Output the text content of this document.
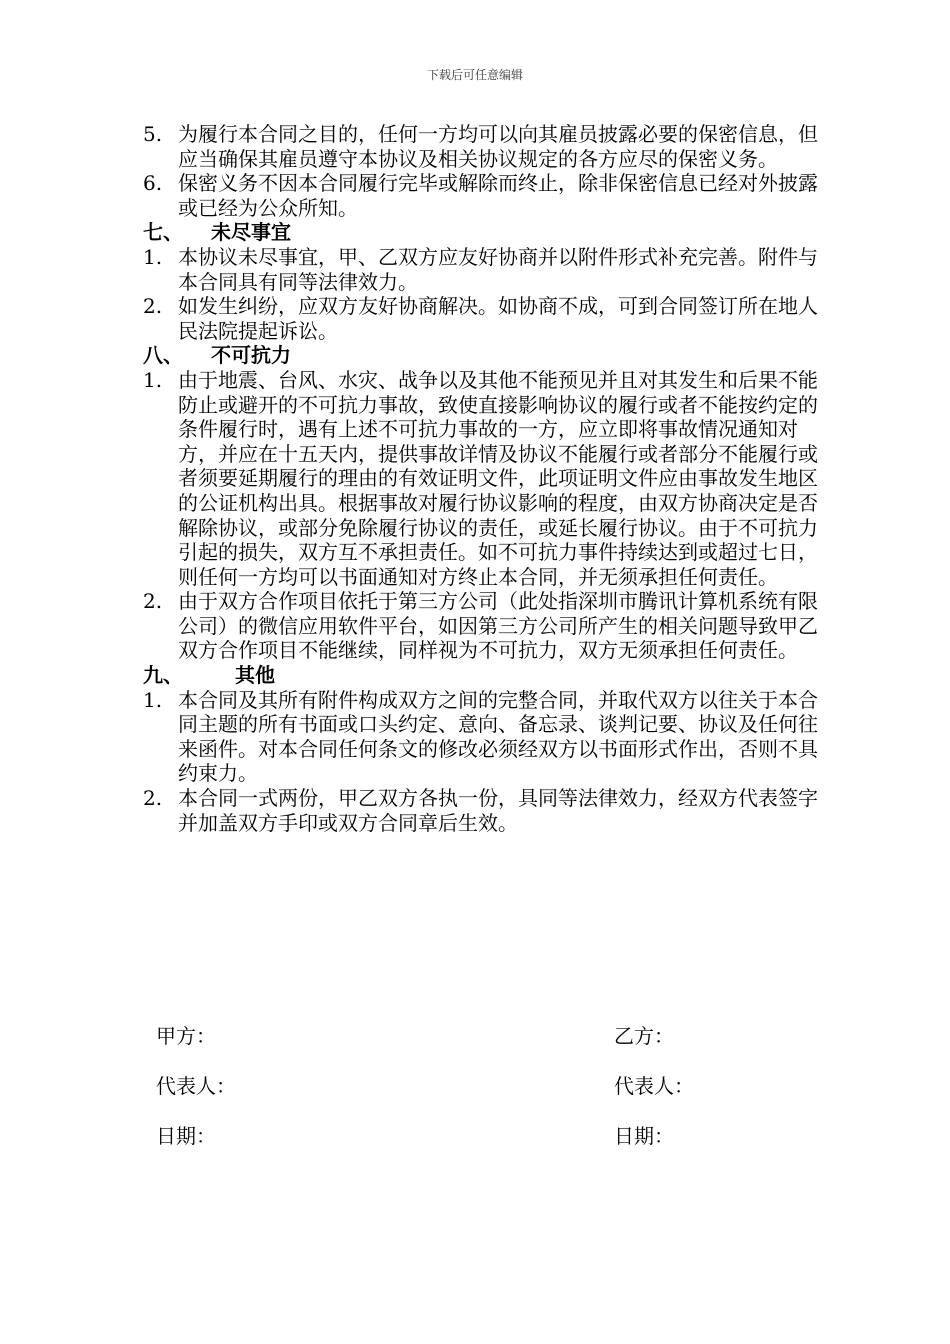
下载后可任意编辑
5. 为履行本合同之目的，任何一方均可以向其雇员披露必要的保密信息，但应当确保其雇员遵守本协议及相关协议规定的各方应尽的保密义务。
6. 保密义务不因本合同履行完毕或解除而终止，除非保密信息已经对外披露或已经为公众所知。
七、	未尽事宜
1. 本协议未尽事宜，甲、乙双方应友好协商并以附件形式补充完善。附件与本合同具有同等法律效力。
2. 如发生纠纷，应双方友好协商解决。如协商不成，可到合同签订所在地人民法院提起诉讼。
八、	不可抗力
1. 由于地震、台风、水灾、战争以及其他不能预见并且对其发生和后果不能防止或避开的不可抗力事故，致使直接影响协议的履行或者不能按约定的条件履行时，遇有上述不可抗力事故的一方，应立即将事故情况通知对方，并应在十五天内，提供事故详情及协议不能履行或者部分不能履行或者须要延期履行的理由的有效证明文件，此项证明文件应由事故发生地区的公证机构出具。根据事故对履行协议影响的程度，由双方协商决定是否解除协议，或部分免除履行协议的责任，或延长履行协议。由于不可抗力引起的损失，双方互不承担责任。如不可抗力事件持续达到或超过七日，则任何一方均可以书面通知对方终止本合同，并无须承担任何责任。
2. 由于双方合作项目依托于第三方公司（此处指深圳市腾讯计算机系统有限公司）的微信应用软件平台，如因第三方公司所产生的相关问题导致甲乙双方合作项目不能继续，同样视为不可抗力，双方无须承担任何责任。
九、	其他
1. 本合同及其所有附件构成双方之间的完整合同，并取代双方以往关于本合同主题的所有书面或口头约定、意向、备忘录、谈判记要、协议及任何往来函件。对本合同任何条文的修改必须经双方以书面形式作出，否则不具约束力。
2. 本合同一式两份，甲乙双方各执一份，具同等法律效力，经双方代表签字并加盖双方手印或双方合同章后生效。
甲方：	乙方：
代表人：	代表人：
日期：	日期：
